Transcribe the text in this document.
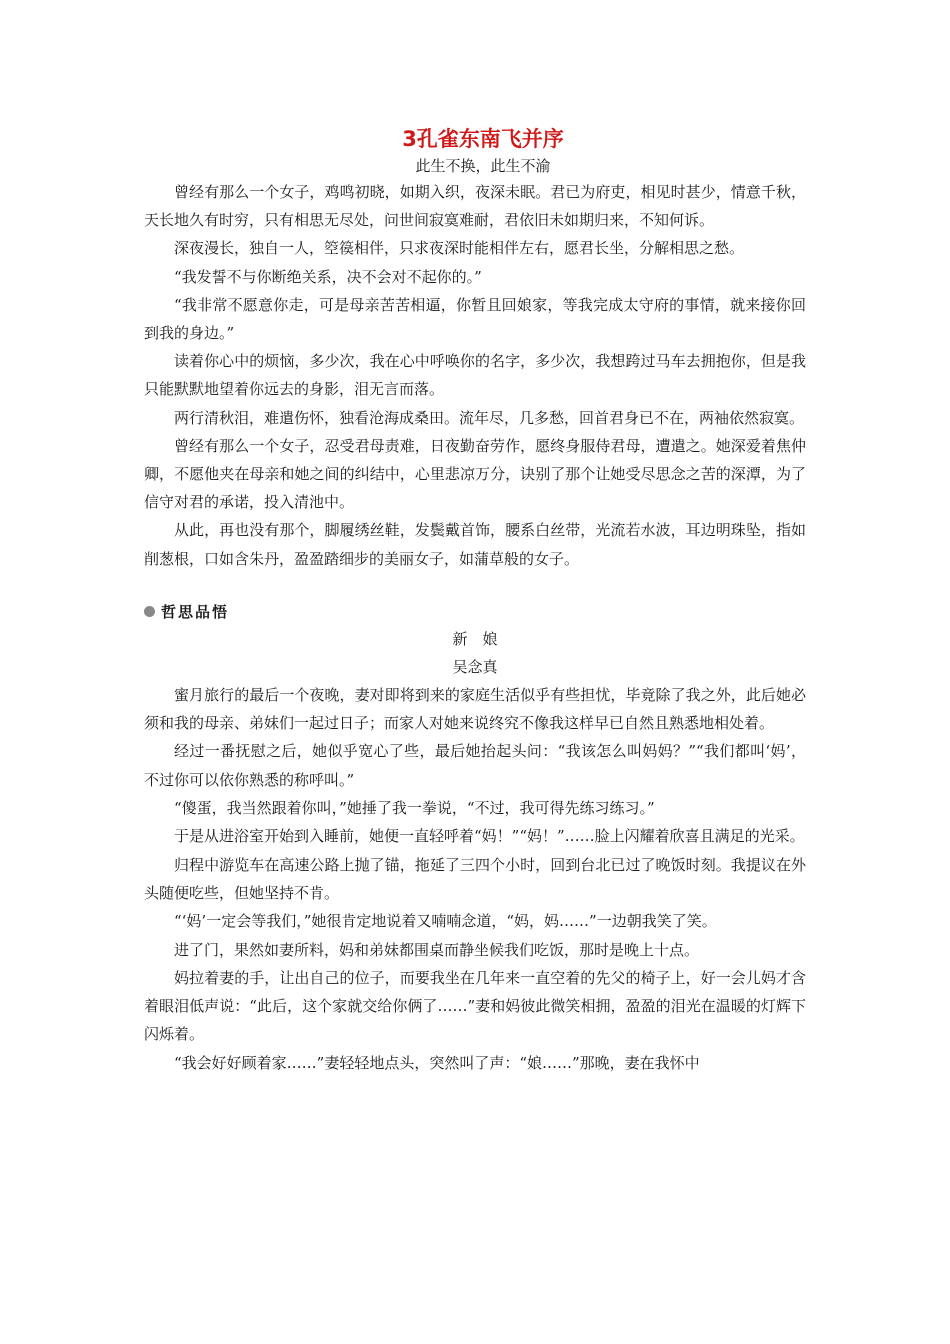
3孔雀东南飞并序
此生不换，此生不渝

曾经有那么一个女子，鸡鸣初晓，如期入织，夜深未眠。君已为府吏，相见时甚少，情意千秋，天长地久有时穷，只有相思无尽处，问世间寂寞难耐，君依旧未如期归来，不知何诉。

深夜漫长，独自一人，箜篌相伴，只求夜深时能相伴左右，愿君长坐，分解相思之愁。

“我发誓不与你断绝关系，决不会对不起你的。”

“我非常不愿意你走，可是母亲苦苦相逼，你暂且回娘家，等我完成太守府的事情，就来接你回到我的身边。”

读着你心中的烦恼，多少次，我在心中呼唤你的名字，多少次，我想跨过马车去拥抱你，但是我只能默默地望着你远去的身影，泪无言而落。

两行清秋泪，难遣伤怀，独看沧海成桑田。流年尽，几多愁，回首君身已不在，两袖依然寂寞。

曾经有那么一个女子，忍受君母责难，日夜勤奋劳作，愿终身服侍君母，遭遣之。她深爱着焦仲卿，不愿他夹在母亲和她之间的纠结中，心里悲凉万分，诀别了那个让她受尽思念之苦的深潭，为了信守对君的承诺，投入清池中。

从此，再也没有那个，脚履绣丝鞋，发鬓戴首饰，腰系白丝带，光流若水波，耳边明珠坠，指如削葱根，口如含朱丹，盈盈踏细步的美丽女子，如蒲草般的女子。

哲思品悟
新　娘
吴念真

蜜月旅行的最后一个夜晚，妻对即将到来的家庭生活似乎有些担忧，毕竟除了我之外，此后她必须和我的母亲、弟妹们一起过日子；而家人对她来说终究不像我这样早已自然且熟悉地相处着。

经过一番抚慰之后，她似乎宽心了些，最后她抬起头问：“我该怎么叫妈妈？”“我们都叫‘妈’，不过你可以依你熟悉的称呼叫。”

“傻蛋，我当然跟着你叫，”她捶了我一拳说，“不过，我可得先练习练习。”

于是从进浴室开始到入睡前，她便一直轻呼着“妈！”“妈！”……脸上闪耀着欣喜且满足的光采。

归程中游览车在高速公路上抛了锚，拖延了三四个小时，回到台北已过了晚饭时刻。我提议在外头随便吃些，但她坚持不肯。

“‘妈’一定会等我们，”她很肯定地说着又喃喃念道，“妈，妈……”一边朝我笑了笑。

进了门，果然如妻所料，妈和弟妹都围桌而静坐候我们吃饭，那时是晚上十点。

妈拉着妻的手，让出自己的位子，而要我坐在几年来一直空着的先父的椅子上，好一会儿妈才含着眼泪低声说：“此后，这个家就交给你俩了……”妻和妈彼此微笑相拥，盈盈的泪光在温暖的灯辉下闪烁着。

“我会好好顾着家……”妻轻轻地点头，突然叫了声：“娘……”那晚，妻在我怀中
